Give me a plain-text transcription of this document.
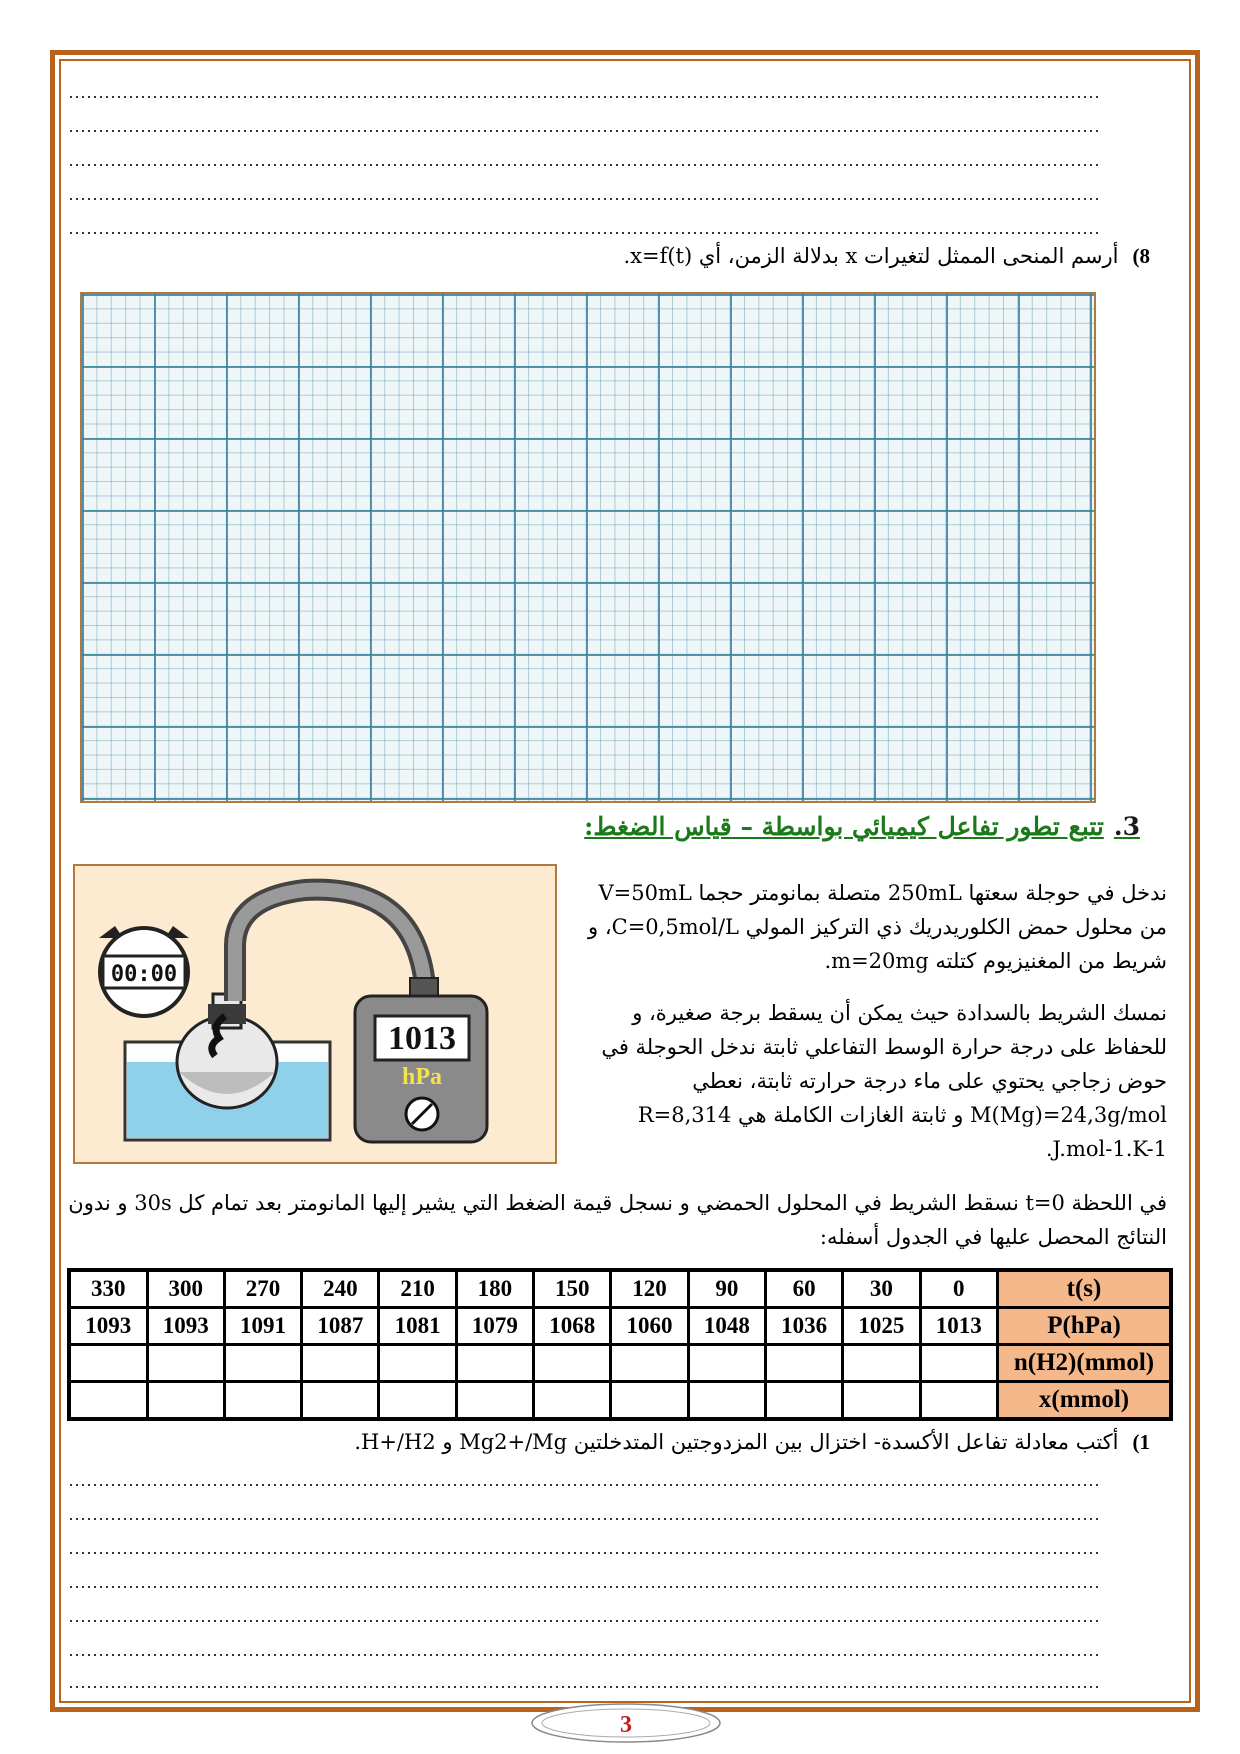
8)أرسم المنحى الممثل لتغيرات x بدلالة الزمن، أي x=f(t).
3.تتبع تطور تفاعل كيميائي بواسطة – قياس الضغط:
1013
hPa
00:00
ندخل في حوجلة سعتها 250mL متصلة بمانومتر حجما V=50mL من محلول حمض الكلوريدريك ذي التركيز المولي C=0,5mol/L، و شريط من المغنيزيوم كتلته m=20mg.
نمسك الشريط بالسدادة حيث يمكن أن يسقط برجة صغيرة، و للحفاظ على درجة حرارة الوسط التفاعلي ثابتة ندخل الحوجلة في حوض زجاجي يحتوي على ماء درجة حرارته ثابتة، نعطي M(Mg)=24,3g/mol و ثابتة الغازات الكاملة هي R=8,314 J.mol-1.K-1.
في اللحظة t=0 نسقط الشريط في المحلول الحمضي و نسجل قيمة الضغط التي يشير إليها المانومتر بعد تمام كل 30s و ندون النتائج المحصل عليها في الجدول أسفله:
330	300	270	240	210	180	150	120	90	60	30	0	t(s)
1093	1093	1091	1087	1081	1079	1068	1060	1048	1036	1025	1013	P(hPa)
												n(H2)(mmol)
												x(mmol)
1)أكتب معادلة تفاعل الأكسدة- اختزال بين المزدوجتين المتدخلتين Mg2+/Mg و H+/H2.
3
